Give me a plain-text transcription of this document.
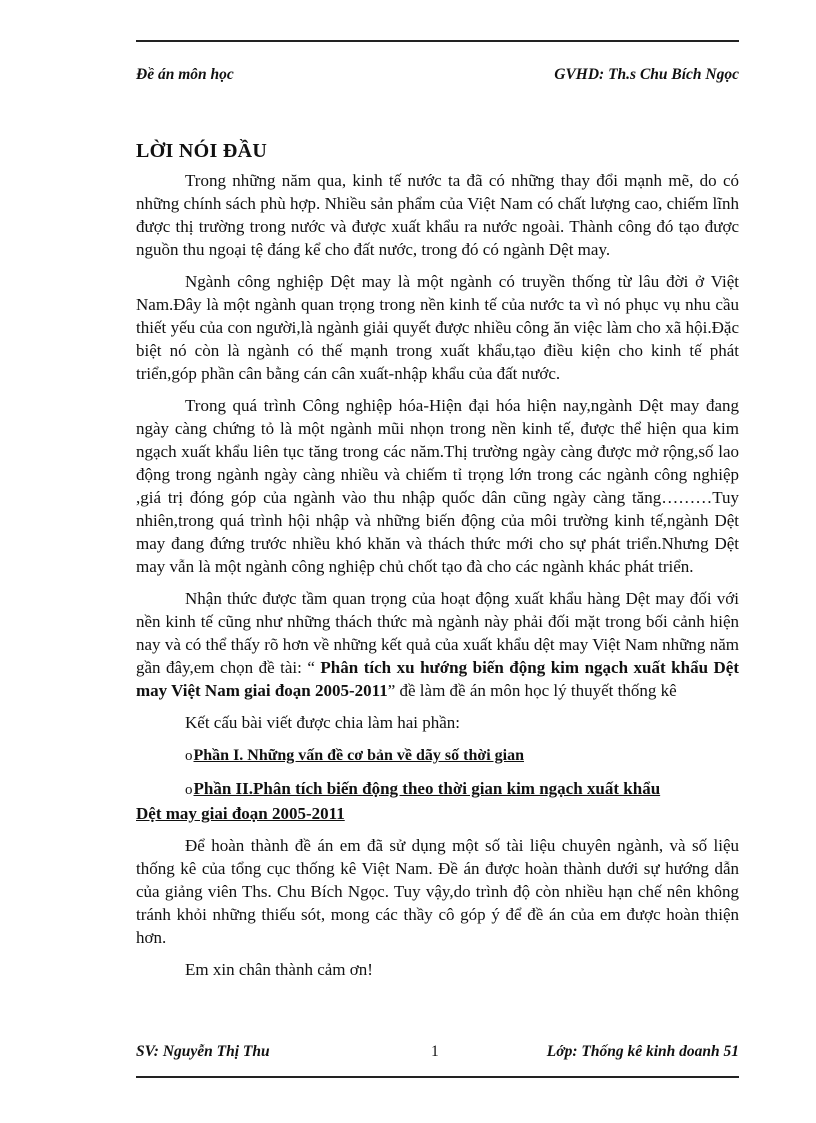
Đề án môn học	GVHD: Th.s Chu Bích Ngọc
LỜI NÓI ĐẦU

Trong những năm qua, kinh tế nước ta đã có những thay đổi mạnh mẽ, do có những chính sách phù hợp. Nhiều sản phẩm của Việt Nam có chất lượng cao, chiếm lĩnh được thị trường trong nước và được xuất khẩu ra nước ngoài. Thành công đó tạo được nguồn thu ngoại tệ đáng kể cho đất nước, trong đó có ngành Dệt may.

Ngành công nghiệp Dệt may là một ngành có truyền thống từ lâu đời ở Việt Nam.Đây là một ngành quan trọng trong nền kinh tế của nước ta vì nó phục vụ nhu cầu thiết yếu của con người,là ngành giải quyết được nhiều công ăn việc làm cho xã hội.Đặc biệt nó còn là ngành có thế mạnh trong xuất khẩu,tạo điều kiện cho kinh tế phát triển,góp phần cân bằng cán cân xuất-nhập khẩu của đất nước.

Trong quá trình Công nghiệp hóa-Hiện đại hóa hiện nay,ngành Dệt may đang ngày càng chứng tỏ là một ngành mũi nhọn trong nền kinh tế, được thể hiện qua kim ngạch xuất khẩu liên tục tăng trong các năm.Thị trường ngày càng được mở rộng,số lao động trong ngành ngày càng nhiều và chiếm tỉ trọng lớn trong các ngành công nghiệp ,giá trị đóng góp của ngành vào thu nhập quốc dân cũng ngày càng tăng………Tuy nhiên,trong quá trình hội nhập và những biến động của môi trường kinh tế,ngành Dệt may đang đứng trước nhiều khó khăn và thách thức mới cho sự phát triển.Nhưng Dệt may vẫn là một ngành công nghiệp chủ chốt tạo đà cho các ngành khác phát triển.

Nhận thức được tầm quan trọng của hoạt động xuất khẩu hàng Dệt may đối với nền kinh tế cũng như những thách thức mà ngành này phải đối mặt trong bối cảnh hiện nay và có thể thấy rõ hơn về những kết quả của xuất khẩu dệt may Việt Nam những năm gần đây,em chọn đề tài: “ Phân tích xu hướng biến động kim ngạch xuất khẩu Dệt may Việt Nam giai đoạn 2005-2011” đề làm đề án môn học lý thuyết thống kê

Kết cấu bài viết được chia làm hai phần:

oPhần I. Những vấn đề cơ bản về dãy số thời gian
oPhần II.Phân tích biến động theo thời gian kim ngạch xuất khẩu
Dệt may giai đoạn 2005-2011

Để hoàn thành đề án em đã sử dụng một số tài liệu chuyên ngành, và số liệu thống kê của tổng cục thống kê Việt Nam. Đề án được hoàn thành dưới sự hướng dẫn của giảng viên Ths. Chu Bích Ngọc. Tuy vậy,do trình độ còn nhiều hạn chế nên không tránh khỏi những thiếu sót, mong các thầy cô góp ý để đề án của em được hoàn thiện hơn.

Em xin chân thành cảm ơn!

SV: Nguyễn Thị Thu	1	Lớp: Thống kê kinh doanh 51
